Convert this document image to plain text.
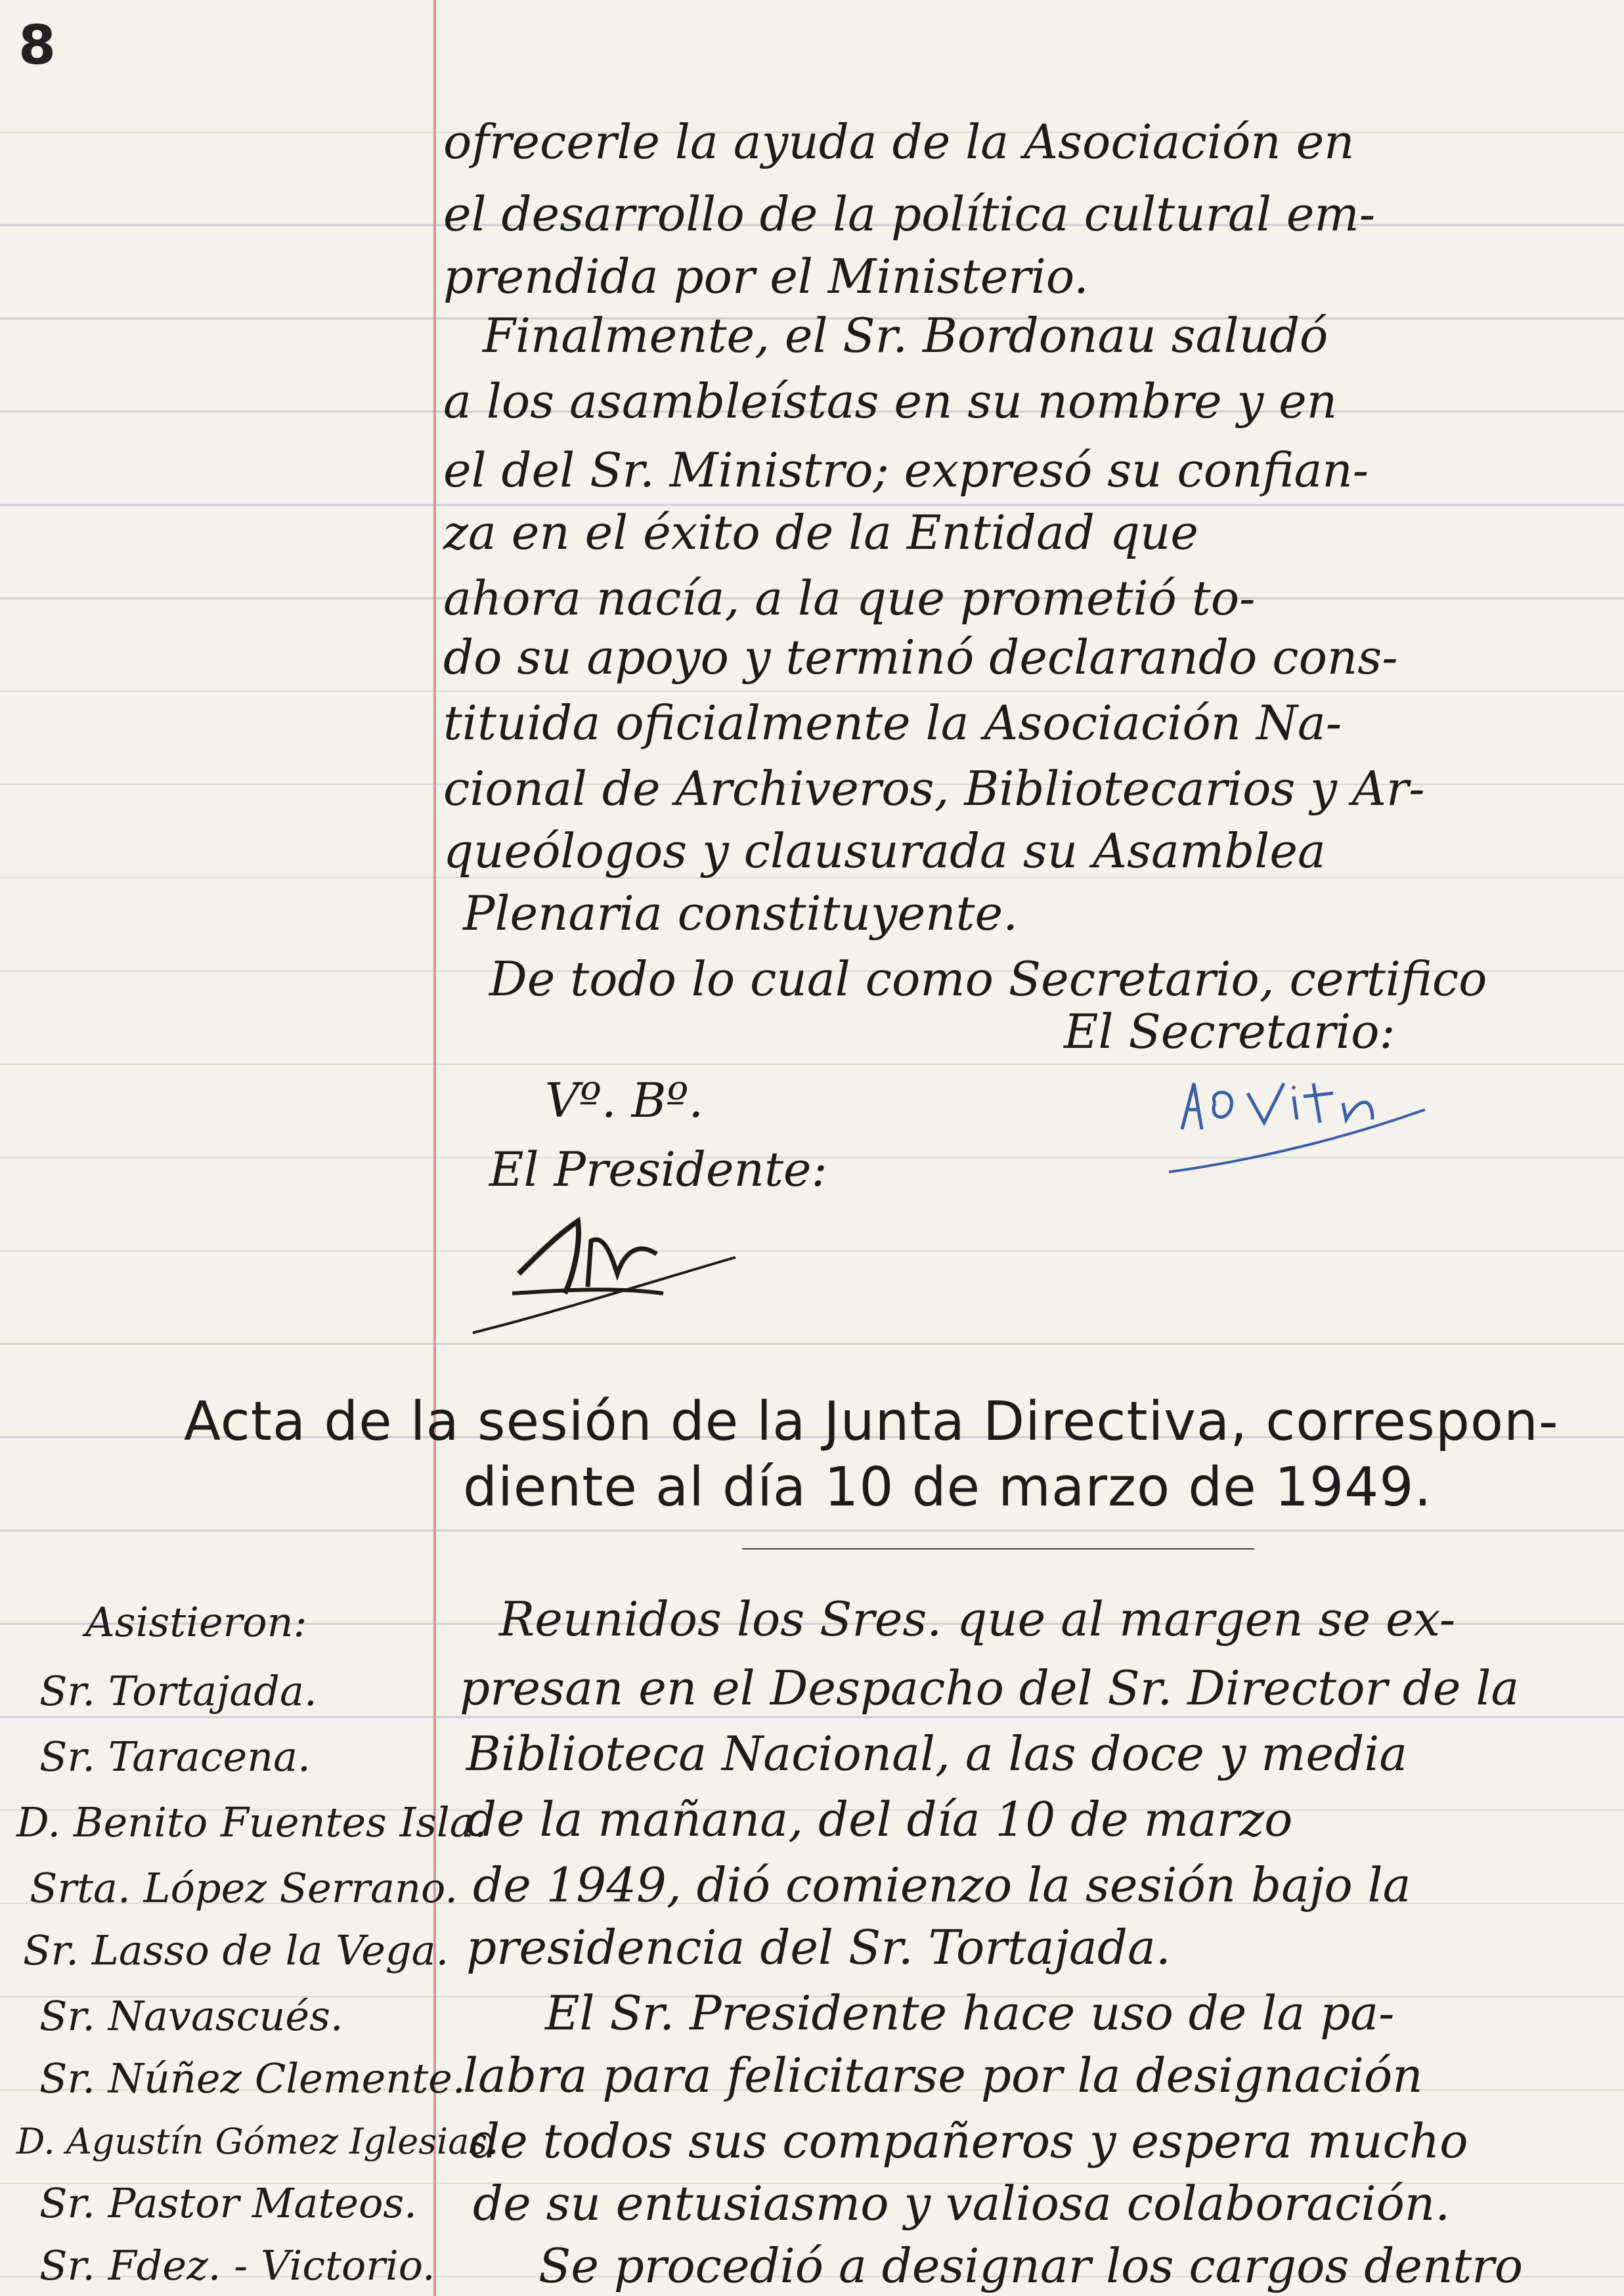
8
ofrecerle la ayuda de la Asociación en
el desarrollo de la política cultural em-
prendida por el Ministerio.
Finalmente, el Sr. Bordonau saludó
a los asambleístas en su nombre y en
el del Sr. Ministro; expresó su confian-
za en el éxito de la Entidad que
ahora nacía, a la que prometió to-
do su apoyo y terminó declarando cons-
tituida oficialmente la Asociación Na-
cional de Archiveros, Bibliotecarios y Ar-
queólogos y clausurada su Asamblea
Plenaria constituyente.
De todo lo cual como Secretario, certifico
El Secretario:
Vº. Bº.
El Presidente:
Acta de la sesión de la Junta Directiva, correspon-
diente al día 10 de marzo de 1949.
Asistieron:
Sr. Tortajada.
Sr. Taracena.
D. Benito Fuentes Isla.
Srta. López Serrano.
Sr. Lasso de la Vega.
Sr. Navascués.
Sr. Núñez Clemente.
D. Agustín Gómez Iglesias.
Sr. Pastor Mateos.
Sr. Fdez. - Victorio.
Reunidos los Sres. que al margen se ex-
presan en el Despacho del Sr. Director de la
Biblioteca Nacional, a las doce y media
de la mañana, del día 10 de marzo
de 1949, dió comienzo la sesión bajo la
presidencia del Sr. Tortajada.
El Sr. Presidente hace uso de la pa-
labra para felicitarse por la designación
de todos sus compañeros y espera mucho
de su entusiasmo y valiosa colaboración.
Se procedió a designar los cargos dentro
